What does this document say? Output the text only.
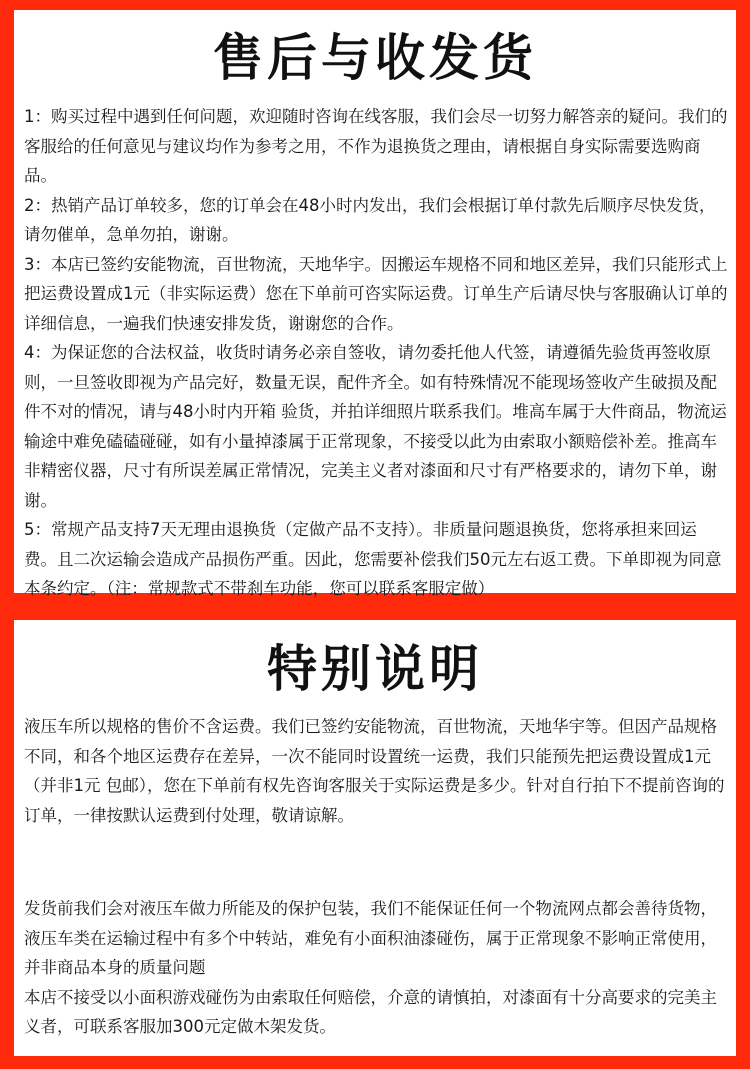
售后与收发货

1：购买过程中遇到任何问题，欢迎随时咨询在线客服，我们会尽一切努力解答亲的疑问。我们的客服给的任何意见与建议均作为参考之用，不作为退换货之理由，请根据自身实际需要选购商品。

2：热销产品订单较多，您的订单会在48小时内发出，我们会根据订单付款先后顺序尽快发货，请勿催单，急单勿拍，谢谢。

3：本店已签约安能物流，百世物流，天地华宇。因搬运车规格不同和地区差异，我们只能形式上把运费设置成1元（非实际运费）您在下单前可咨实际运费。订单生产后请尽快与客服确认订单的详细信息，一遍我们快速安排发货，谢谢您的合作。

4：为保证您的合法权益，收货时请务必亲自签收，请勿委托他人代签，请遵循先验货再签收原则，一旦签收即视为产品完好，数量无误，配件齐全。如有特殊情况不能现场签收产生破损及配件不对的情况，请与48小时内开箱 验货，并拍详细照片联系我们。堆高车属于大件商品，物流运输途中难免磕磕碰碰，如有小量掉漆属于正常现象，不接受以此为由索取小额赔偿补差。推高车非精密仪器，尺寸有所误差属正常情况，完美主义者对漆面和尺寸有严格要求的，请勿下单，谢谢。

5：常规产品支持7天无理由退换货（定做产品不支持）。非质量问题退换货，您将承担来回运费。且二次运输会造成产品损伤严重。因此，您需要补偿我们50元左右返工费。下单即视为同意本条约定。（注：常规款式不带刹车功能，您可以联系客服定做）

特别说明

液压车所以规格的售价不含运费。我们已签约安能物流，百世物流，天地华宇等。但因产品规格不同，和各个地区运费存在差异，一次不能同时设置统一运费，我们只能预先把运费设置成1元（并非1元 包邮），您在下单前有权先咨询客服关于实际运费是多少。针对自行拍下不提前咨询的订单，一律按默认运费到付处理，敬请谅解。

发货前我们会对液压车做力所能及的保护包装，我们不能保证任何一个物流网点都会善待货物，液压车类在运输过程中有多个中转站，难免有小面积油漆碰伤，属于正常现象不影响正常使用，并非商品本身的质量问题

本店不接受以小面积游戏碰伤为由索取任何赔偿，介意的请慎拍，对漆面有十分高要求的完美主义者，可联系客服加300元定做木架发货。
